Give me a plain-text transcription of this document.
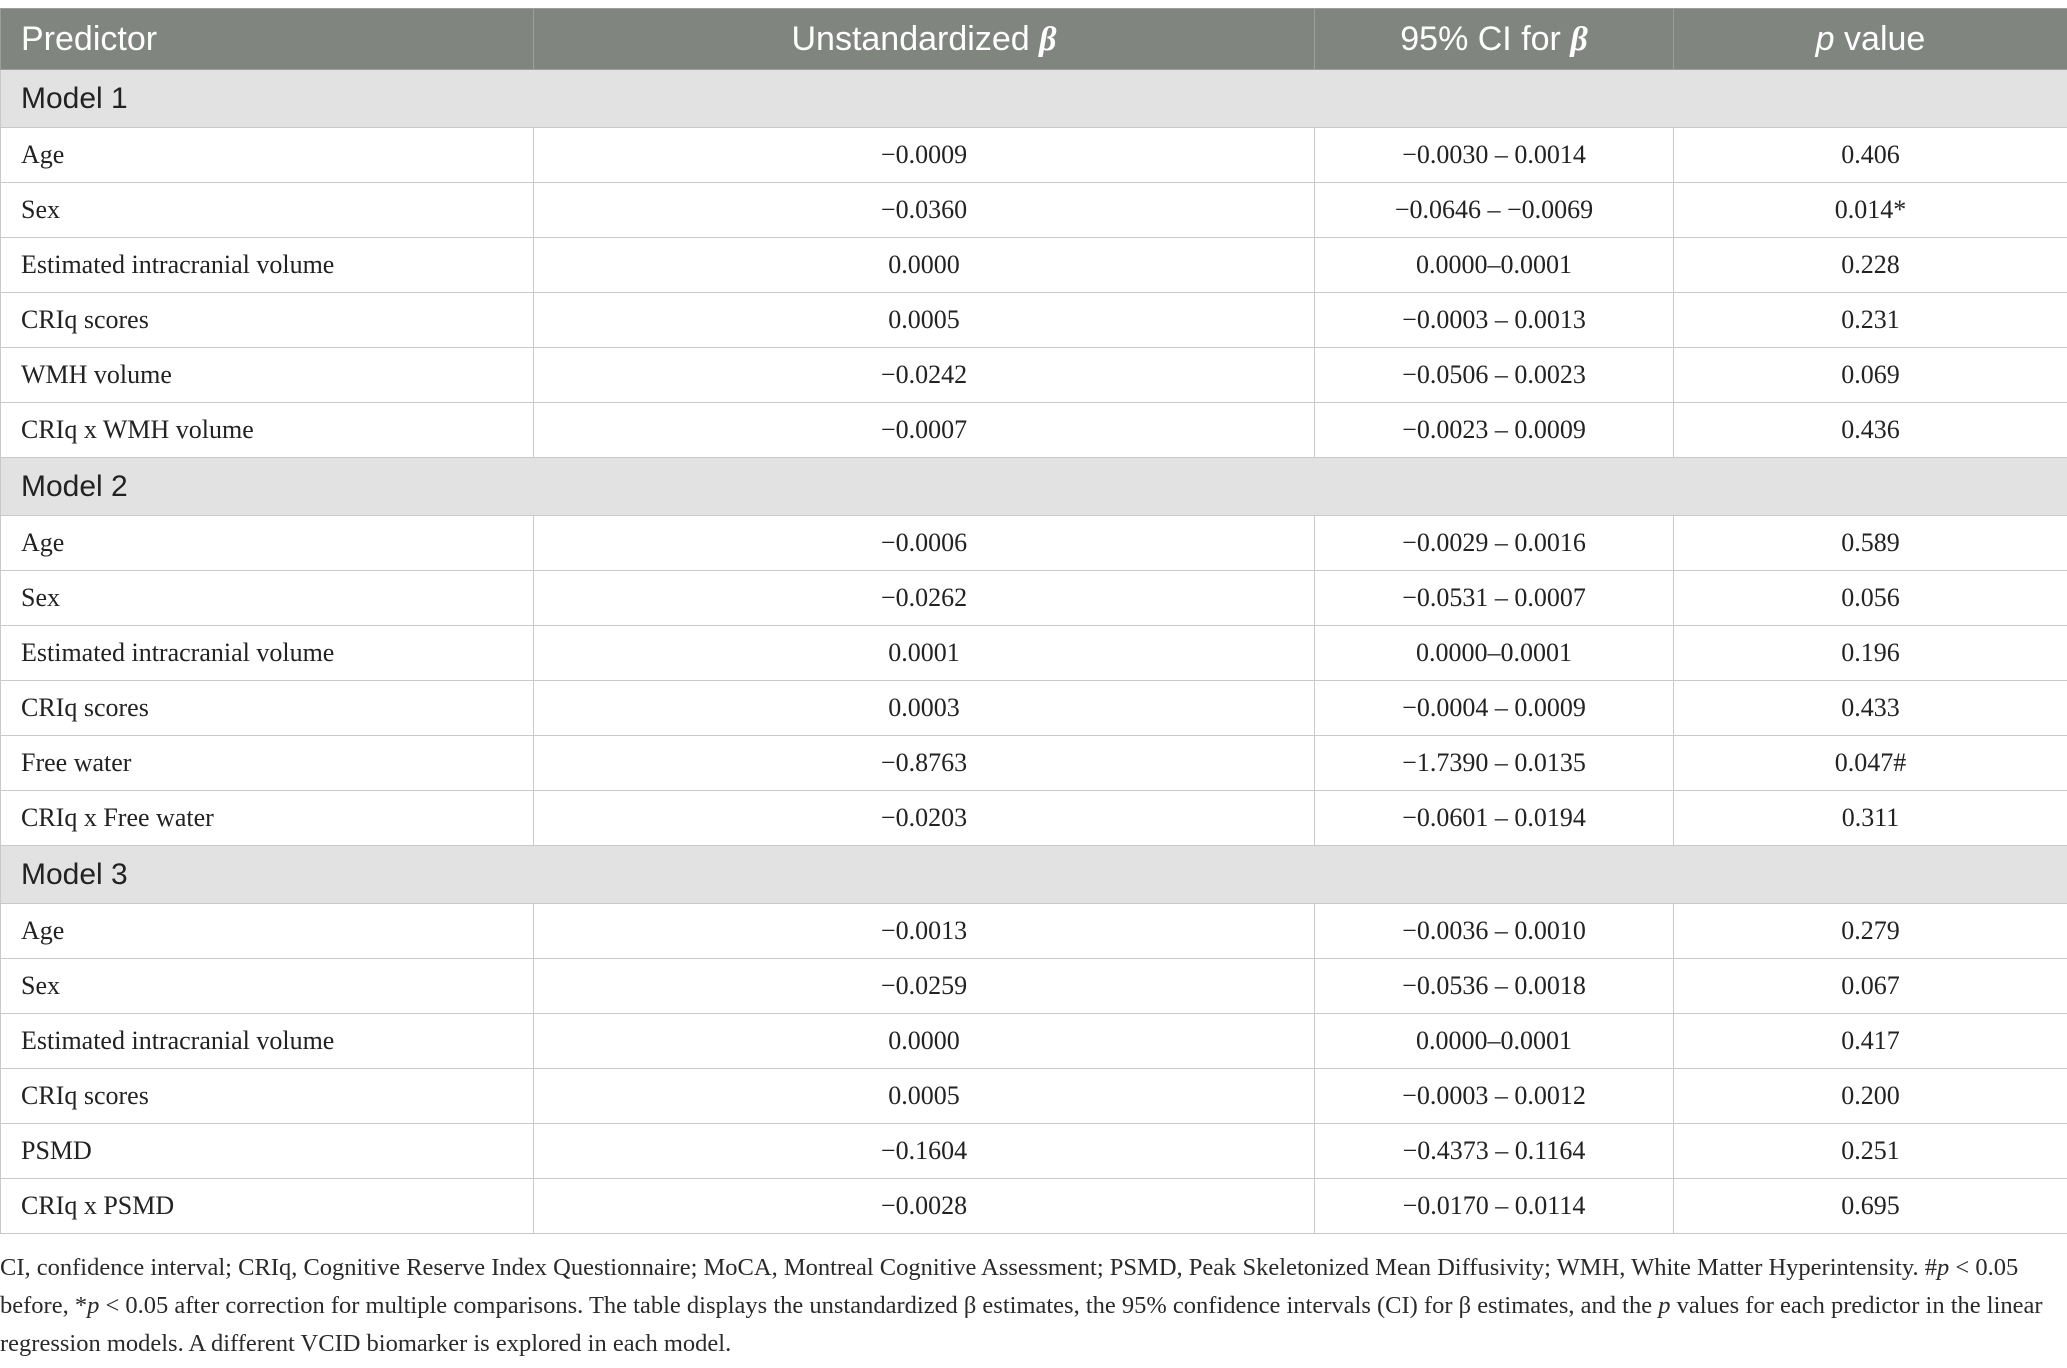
Predictor	Unstandardized β	95% CI for β	p value
Model 1			
Age	−0.0009	−0.0030 – 0.0014	0.406
Sex	−0.0360	−0.0646 – −0.0069	0.014*
Estimated intracranial volume	0.0000	0.0000–0.0001	0.228
CRIq scores	0.0005	−0.0003 – 0.0013	0.231
WMH volume	−0.0242	−0.0506 – 0.0023	0.069
CRIq x WMH volume	−0.0007	−0.0023 – 0.0009	0.436
Model 2			
Age	−0.0006	−0.0029 – 0.0016	0.589
Sex	−0.0262	−0.0531 – 0.0007	0.056
Estimated intracranial volume	0.0001	0.0000–0.0001	0.196
CRIq scores	0.0003	−0.0004 – 0.0009	0.433
Free water	−0.8763	−1.7390 – 0.0135	0.047#
CRIq x Free water	−0.0203	−0.0601 – 0.0194	0.311
Model 3			
Age	−0.0013	−0.0036 – 0.0010	0.279
Sex	−0.0259	−0.0536 – 0.0018	0.067
Estimated intracranial volume	0.0000	0.0000–0.0001	0.417
CRIq scores	0.0005	−0.0003 – 0.0012	0.200
PSMD	−0.1604	−0.4373 – 0.1164	0.251
CRIq x PSMD	−0.0028	−0.0170 – 0.0114	0.695
CI, confidence interval; CRIq, Cognitive Reserve Index Questionnaire; MoCA, Montreal Cognitive Assessment; PSMD, Peak Skeletonized Mean Diffusivity; WMH, White Matter Hyperintensity. #p < 0.05 before, *p < 0.05 after correction for multiple comparisons. The table displays the unstandardized β estimates, the 95% confidence intervals (CI) for β estimates, and the p values for each predictor in the linear regression models. A different VCID biomarker is explored in each model.
